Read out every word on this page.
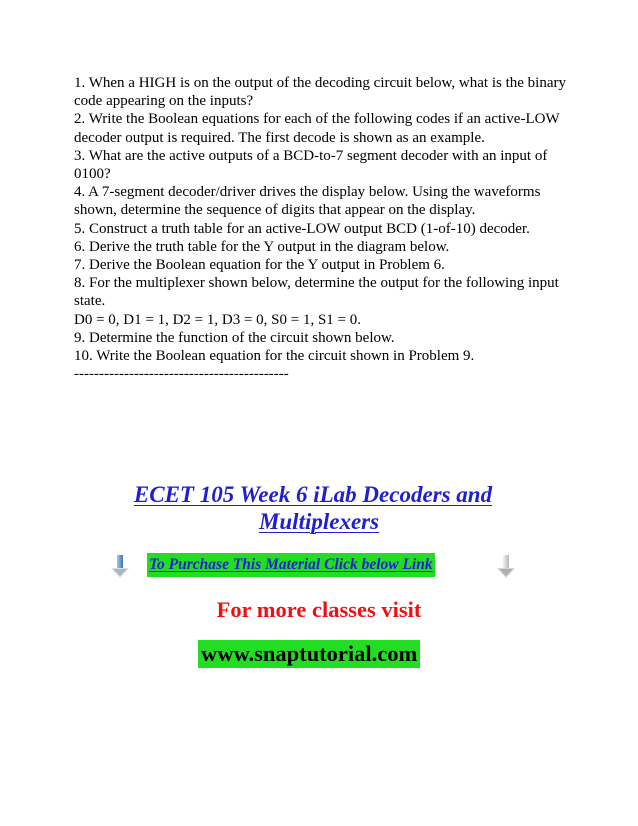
1. When a HIGH is on the output of the decoding circuit below, what is the binary code appearing on the inputs?

2. Write the Boolean equations for each of the following codes if an active-LOW decoder output is required. The first decode is shown as an example.

3. What are the active outputs of a BCD-to-7 segment decoder with an input of 0100?

4. A 7-segment decoder/driver drives the display below. Using the waveforms shown, determine the sequence of digits that appear on the display.

5. Construct a truth table for an active-LOW output BCD (1-of-10) decoder.

6. Derive the truth table for the Y output in the diagram below.

7. Derive the Boolean equation for the Y output in Problem 6.

8. For the multiplexer shown below, determine the output for the following input state.

D0 = 0, D1 = 1, D2 = 1, D3 = 0, S0 = 1, S1 = 0.

9. Determine the function of the circuit shown below.

10. Write the Boolean equation for the circuit shown in Problem 9.

-------------------------------------------
ECET 105 Week 6 iLab Decoders and
Multiplexers
To Purchase This Material Click below Link
For more classes visit
www.snaptutorial.com
